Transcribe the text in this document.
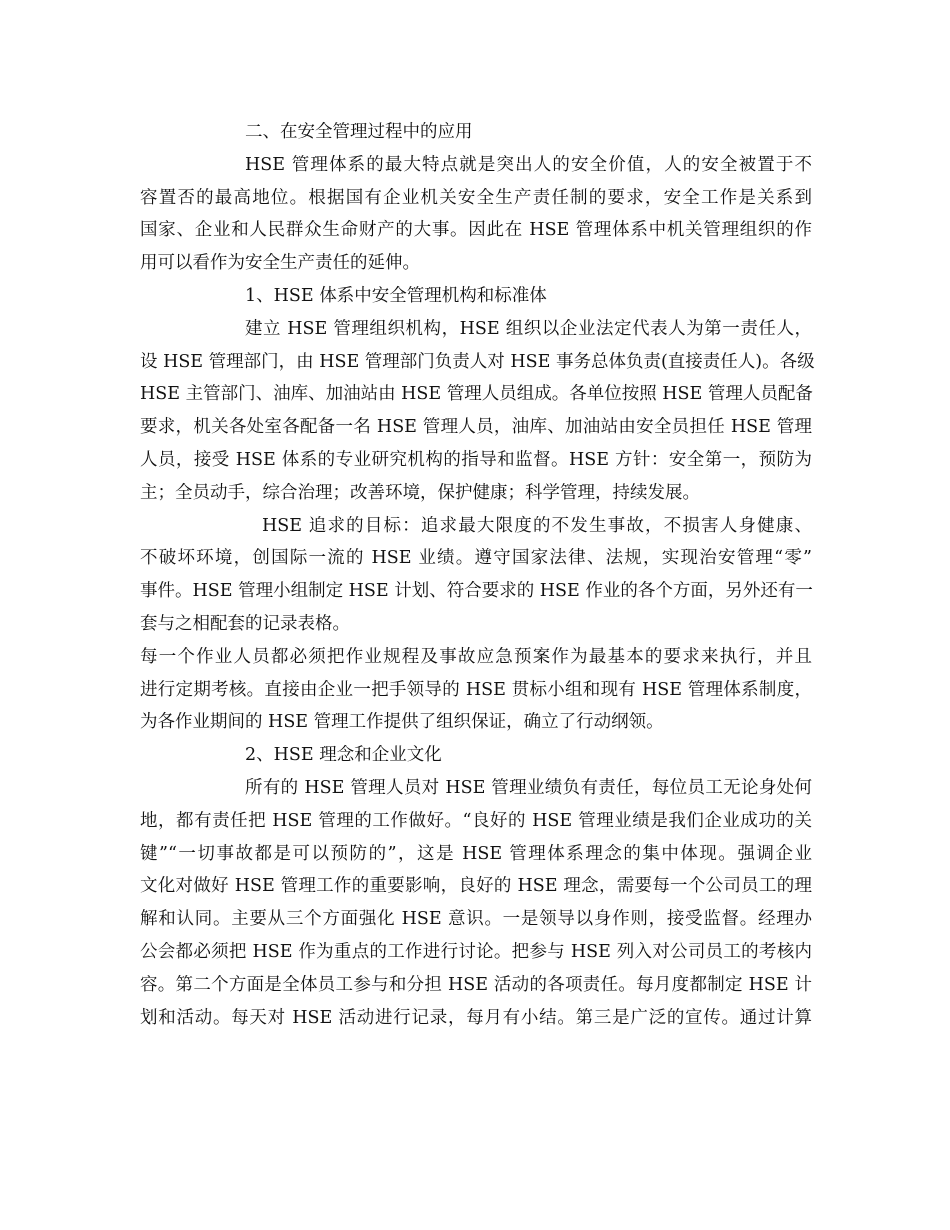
二、在安全管理过程中的应用
HSE 管理体系的最大特点就是突出人的安全价值，人的安全被置于不
容置否的最高地位。根据国有企业机关安全生产责任制的要求，安全工作是关系到
国家、企业和人民群众生命财产的大事。因此在 HSE 管理体系中机关管理组织的作
用可以看作为安全生产责任的延伸。
1、HSE 体系中安全管理机构和标准体
建立 HSE 管理组织机构，HSE 组织以企业法定代表人为第一责任人，
设 HSE 管理部门，由 HSE 管理部门负责人对 HSE 事务总体负责(直接责任人)。各级
HSE 主管部门、油库、加油站由 HSE 管理人员组成。各单位按照 HSE 管理人员配备
要求，机关各处室各配备一名 HSE 管理人员，油库、加油站由安全员担任 HSE 管理
人员，接受 HSE 体系的专业研究机构的指导和监督。HSE 方针：安全第一，预防为
主；全员动手，综合治理；改善环境，保护健康；科学管理，持续发展。
HSE 追求的目标：追求最大限度的不发生事故，不损害人身健康、
不破坏环境，创国际一流的 HSE 业绩。遵守国家法律、法规，实现治安管理“零”
事件。HSE 管理小组制定 HSE 计划、符合要求的 HSE 作业的各个方面，另外还有一
套与之相配套的记录表格。
每一个作业人员都必须把作业规程及事故应急预案作为最基本的要求来执行，并且
进行定期考核。直接由企业一把手领导的 HSE 贯标小组和现有 HSE 管理体系制度，
为各作业期间的 HSE 管理工作提供了组织保证，确立了行动纲领。
2、HSE 理念和企业文化
所有的 HSE 管理人员对 HSE 管理业绩负有责任，每位员工无论身处何
地，都有责任把 HSE 管理的工作做好。“良好的 HSE 管理业绩是我们企业成功的关
键”“一切事故都是可以预防的”，这是 HSE 管理体系理念的集中体现。强调企业
文化对做好 HSE 管理工作的重要影响，良好的 HSE 理念，需要每一个公司员工的理
解和认同。主要从三个方面强化 HSE 意识。一是领导以身作则，接受监督。经理办
公会都必须把 HSE 作为重点的工作进行讨论。把参与 HSE 列入对公司员工的考核内
容。第二个方面是全体员工参与和分担 HSE 活动的各项责任。每月度都制定 HSE 计
划和活动。每天对 HSE 活动进行记录，每月有小结。第三是广泛的宣传。通过计算
